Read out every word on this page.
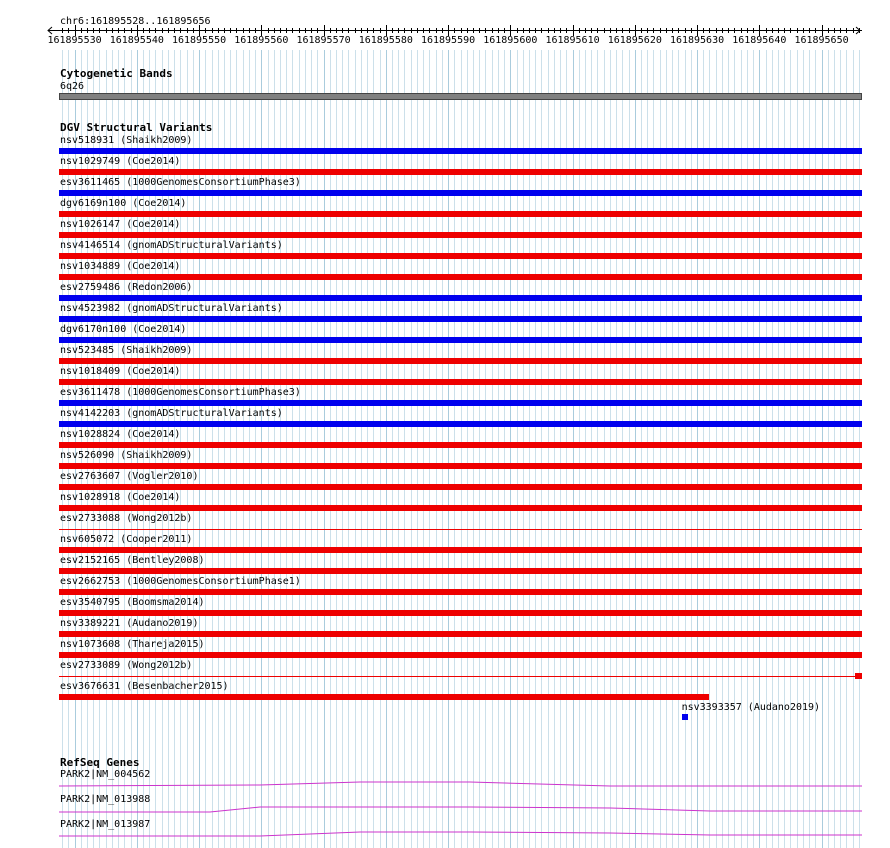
chr6:161895528..161895656
161895530 161895540 161895550 161895560 161895570 161895580 161895590 161895600 161895610 161895620 161895630 161895640 161895650
Cytogenetic Bands
6q26
DGV Structural Variants
nsv518931 (Shaikh2009)
nsv1029749 (Coe2014)
esv3611465 (1000GenomesConsortiumPhase3)
dgv6169n100 (Coe2014)
nsv1026147 (Coe2014)
nsv4146514 (gnomADStructuralVariants)
nsv1034889 (Coe2014)
esv2759486 (Redon2006)
nsv4523982 (gnomADStructuralVariants)
dgv6170n100 (Coe2014)
nsv523485 (Shaikh2009)
nsv1018409 (Coe2014)
esv3611478 (1000GenomesConsortiumPhase3)
nsv4142203 (gnomADStructuralVariants)
nsv1028824 (Coe2014)
nsv526090 (Shaikh2009)
esv2763607 (Vogler2010)
nsv1028918 (Coe2014)
esv2733088 (Wong2012b)
nsv605072 (Cooper2011)
esv2152165 (Bentley2008)
esv2662753 (1000GenomesConsortiumPhase1)
esv3540795 (Boomsma2014)
nsv3389221 (Audano2019)
nsv1073608 (Thareja2015)
esv2733089 (Wong2012b)
esv3676631 (Besenbacher2015)
nsv3393357 (Audano2019)
RefSeq Genes
PARK2|NM_004562
PARK2|NM_013988
PARK2|NM_013987
